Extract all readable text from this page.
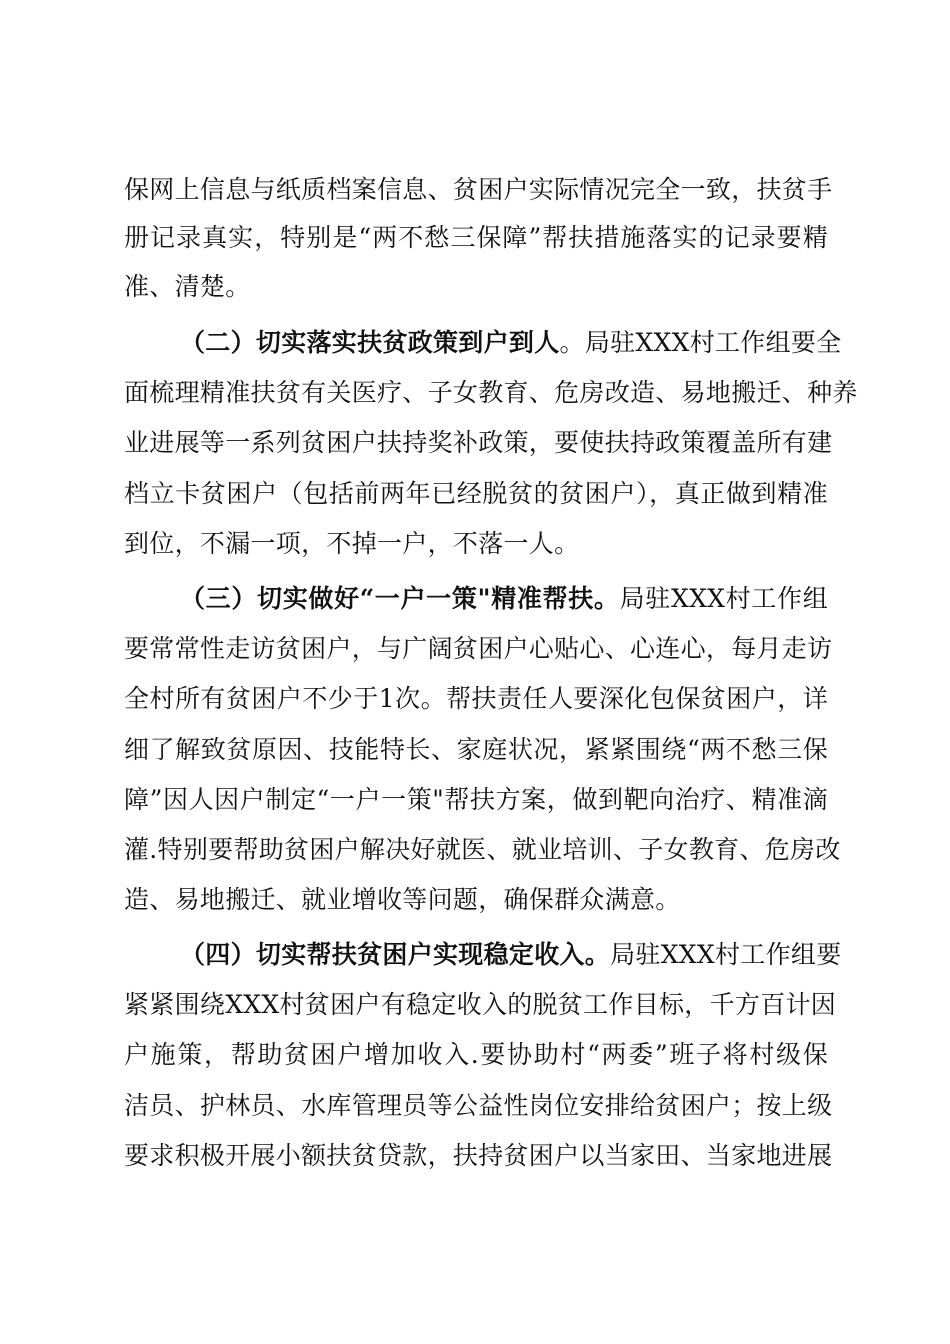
保网上信息与纸质档案信息、贫困户实际情况完全一致，扶贫手
册记录真实，特别是“两不愁三保障”帮扶措施落实的记录要精
准、清楚。
（二）切实落实扶贫政策到户到人。局驻XXX村工作组要全
面梳理精准扶贫有关医疗、子女教育、危房改造、易地搬迁、种养
业进展等一系列贫困户扶持奖补政策，要使扶持政策覆盖所有建
档立卡贫困户（包括前两年已经脱贫的贫困户），真正做到精准
到位，不漏一项，不掉一户，不落一人。
（三）切实做好“一户一策"精准帮扶。局驻XXX村工作组
要常常性走访贫困户，与广阔贫困户心贴心、心连心，每月走访
全村所有贫困户不少于1次。帮扶责任人要深化包保贫困户，详
细了解致贫原因、技能特长、家庭状况，紧紧围绕“两不愁三保
障”因人因户制定“一户一策"帮扶方案，做到靶向治疗、精准滴
灌.特别要帮助贫困户解决好就医、就业培训、子女教育、危房改
造、易地搬迁、就业增收等问题，确保群众满意。
（四）切实帮扶贫困户实现稳定收入。局驻XXX村工作组要
紧紧围绕XXX村贫困户有稳定收入的脱贫工作目标，千方百计因
户施策，帮助贫困户增加收入.要协助村“两委”班子将村级保
洁员、护林员、水库管理员等公益性岗位安排给贫困户；按上级
要求积极开展小额扶贫贷款，扶持贫困户以当家田、当家地进展
